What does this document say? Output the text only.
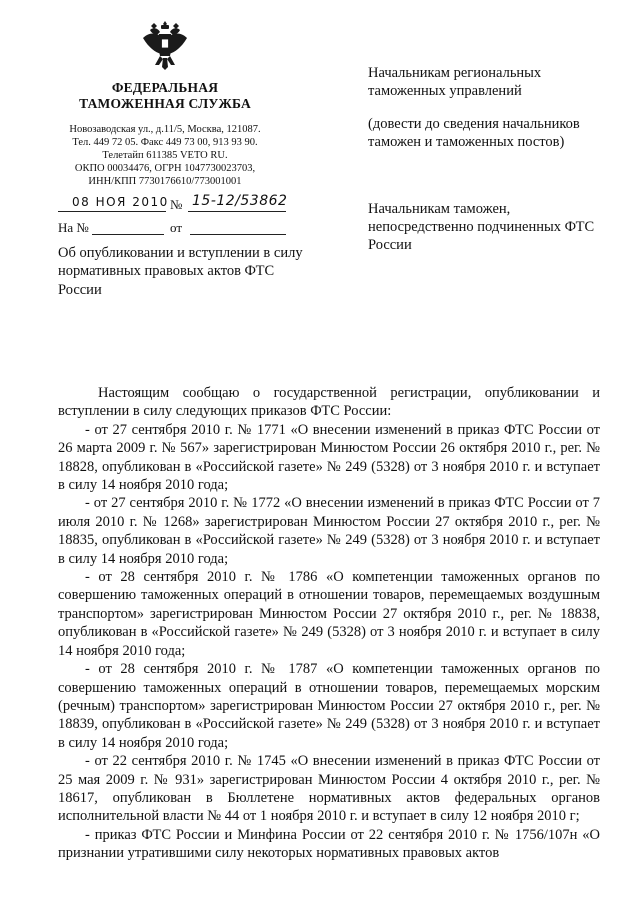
ФЕДЕРАЛЬНАЯ
ТАМОЖЕННАЯ СЛУЖБА
Новозаводская ул., д.11/5, Москва, 121087.
Тел. 449 72 05. Факс 449 73 00, 913 93 90.
Телетайп 611385 VETO RU.
ОКПО 00034476, ОГРН 1047730023703,
ИНН/КПП 7730176610/773001001
08 НОЯ 2010 № 15-12/53862
На №	от
Об опубликовании и вступлении в силу нормативных правовых актов ФТС России
Начальникам региональных таможенных управлений
(довести до сведения начальников таможен и таможенных постов)
Начальникам таможен, непосредственно подчиненных ФТС России

Настоящим сообщаю о государственной регистрации, опубликовании и вступлении в силу следующих приказов ФТС России:

- от 27 сентября 2010 г. № 1771 «О внесении изменений в приказ ФТС России от 26 марта 2009 г. № 567» зарегистрирован Минюстом России 26 октября 2010 г., рег. № 18828, опубликован в «Российской газете» № 249 (5328) от 3 ноября 2010 г. и вступает в силу 14 ноября 2010 года;

- от 27 сентября 2010 г. № 1772 «О внесении изменений в приказ ФТС России от 7 июля 2010 г. № 1268» зарегистрирован Минюстом России 27 октября 2010 г., рег. № 18835, опубликован в «Российской газете» № 249 (5328) от 3 ноября 2010 г. и вступает в силу 14 ноября 2010 года;

- от 28 сентября 2010 г. № 1786 «О компетенции таможенных органов по совершению таможенных операций в отношении товаров, перемещаемых воздушным транспортом» зарегистрирован Минюстом России 27 октября 2010 г., рег. № 18838, опубликован в «Российской газете» № 249 (5328) от 3 ноября 2010 г. и вступает в силу 14 ноября 2010 года;

- от 28 сентября 2010 г. № 1787 «О компетенции таможенных органов по совершению таможенных операций в отношении товаров, перемещаемых морским (речным) транспортом» зарегистрирован Минюстом России 27 октября 2010 г., рег. № 18839, опубликован в «Российской газете» № 249 (5328) от 3 ноября 2010 г. и вступает в силу 14 ноября 2010 года;

- от 22 сентября 2010 г. № 1745 «О внесении изменений в приказ ФТС России от 25 мая 2009 г. № 931» зарегистрирован Минюстом России 4 октября 2010 г., рег. № 18617, опубликован в Бюллетене нормативных актов федеральных органов исполнительной власти № 44 от 1 ноября 2010 г. и вступает в силу 12 ноября 2010 г;

- приказ ФТС России и Минфина России от 22 сентября 2010 г. № 1756/107н «О признании утратившими силу некоторых нормативных правовых актов
